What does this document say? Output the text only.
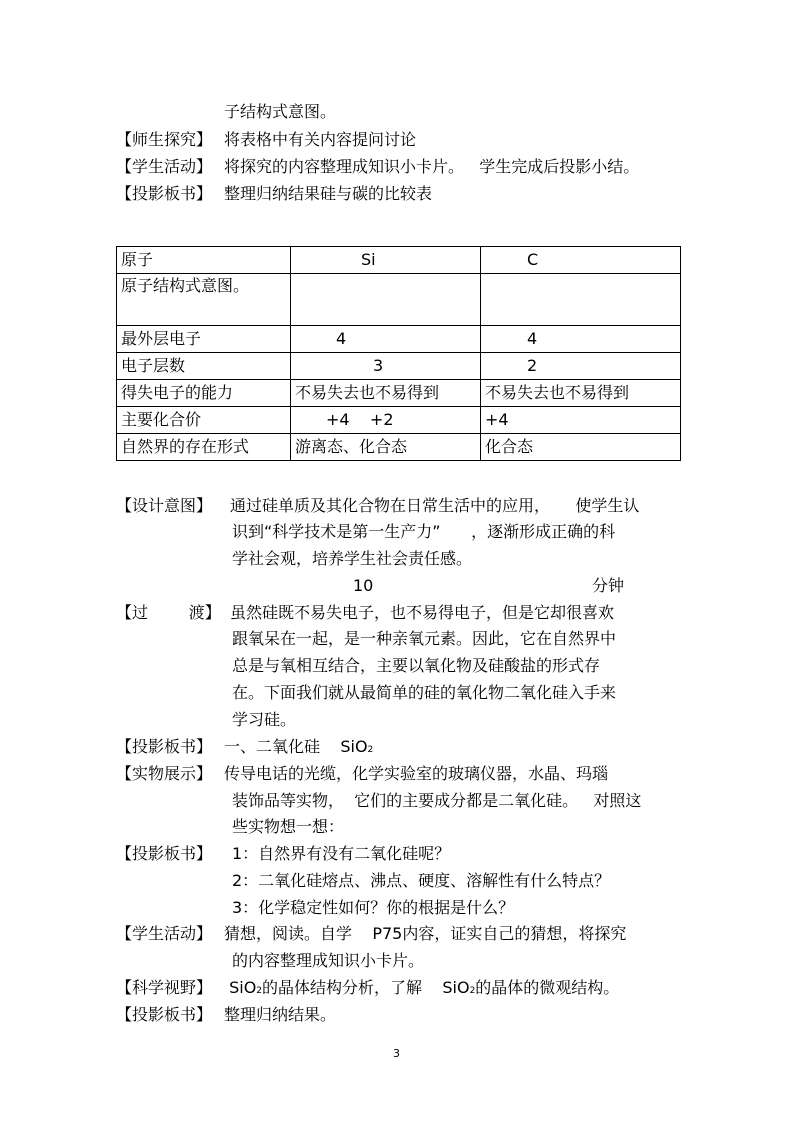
子结构式意图。
【师生探究】 将表格中有关内容提问讨论
【学生活动】 将探究的内容整理成知识小卡片。   学生完成后投影小结。
【投影板书】 整理归纳结果硅与碳的比较表
原子	Si	C
原子结构式意图。		
最外层电子	4	4
电子层数	3	2
得失电子的能力	不易失去也不易得到	不易失去也不易得到
主要化合价	+4    +2	+4
自然界的存在形式	游离态、化合态	化合态
【设计意图】 通过硅单质及其化合物在日常生活中的应用，     使学生认
识到“科学技术是第一生产力”      ，逐渐形成正确的科
学社会观，培养学生社会责任感。
10	分钟
【过        渡】 虽然硅既不易失电子，也不易得电子，但是它却很喜欢
跟氧呆在一起，是一种亲氧元素。因此，它在自然界中
总是与氧相互结合，主要以氧化物及硅酸盐的形式存
在。下面我们就从最简单的硅的氧化物二氧化硅入手来
学习硅。
【投影板书】 一、二氧化硅    SiO2
【实物展示】 传导电话的光缆，化学实验室的玻璃仪器，水晶、玛瑙
装饰品等实物，  它们的主要成分都是二氧化硅。   对照这
些实物想一想：
【投影板书】 1：自然界有没有二氧化硅呢？
2：二氧化硅熔点、沸点、硬度、溶解性有什么特点？
3：化学稳定性如何？你的根据是什么？
【学生活动】 猜想，阅读。自学    P75内容，证实自己的猜想，将探究
的内容整理成知识小卡片。
【科学视野】 SiO2的晶体结构分析，了解    SiO2的晶体的微观结构。
【投影板书】 整理归纳结果。
3
